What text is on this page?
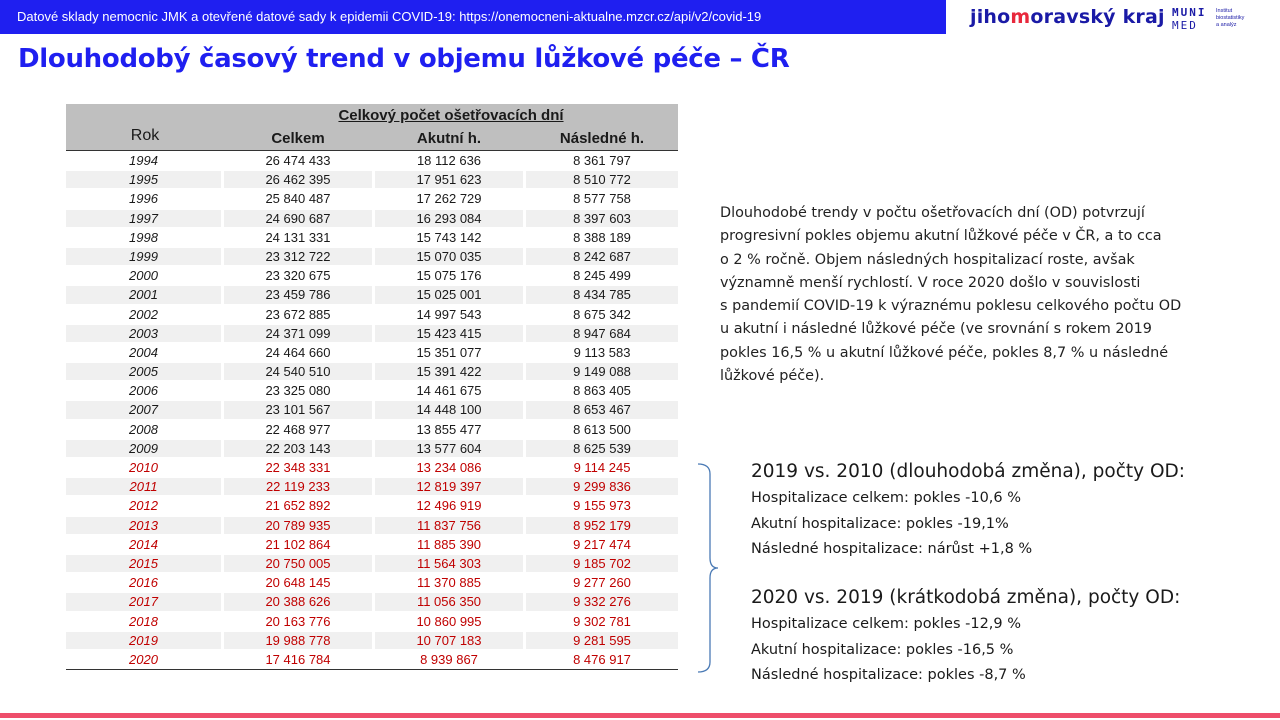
Datové sklady nemocnic JMK a otevřené datové sady k epidemii COVID-19: https://onemocneni-aktualne.mzcr.cz/api/v2/covid-19	jihomoravský kraj MUNI
MED
Institut
biostatistiky
a analýz
Dlouhodobý časový trend v objemu lůžkové péče – ČR
Celkový počet ošetřovacích dní
Rok	Celkem	Akutní h.	Následné h.
1994	26 474 433	18 112 636	8 361 797
1995	26 462 395	17 951 623	8 510 772
1996	25 840 487	17 262 729	8 577 758
1997	24 690 687	16 293 084	8 397 603
1998	24 131 331	15 743 142	8 388 189
1999	23 312 722	15 070 035	8 242 687
2000	23 320 675	15 075 176	8 245 499
2001	23 459 786	15 025 001	8 434 785
2002	23 672 885	14 997 543	8 675 342
2003	24 371 099	15 423 415	8 947 684
2004	24 464 660	15 351 077	9 113 583
2005	24 540 510	15 391 422	9 149 088
2006	23 325 080	14 461 675	8 863 405
2007	23 101 567	14 448 100	8 653 467
2008	22 468 977	13 855 477	8 613 500
2009	22 203 143	13 577 604	8 625 539
2010	22 348 331	13 234 086	9 114 245
2011	22 119 233	12 819 397	9 299 836
2012	21 652 892	12 496 919	9 155 973
2013	20 789 935	11 837 756	8 952 179
2014	21 102 864	11 885 390	9 217 474
2015	20 750 005	11 564 303	9 185 702
2016	20 648 145	11 370 885	9 277 260
2017	20 388 626	11 056 350	9 332 276
2018	20 163 776	10 860 995	9 302 781
2019	19 988 778	10 707 183	9 281 595
2020	17 416 784	8 939 867	8 476 917
Dlouhodobé trendy v počtu ošetřovacích dní (OD) potvrzují
progresivní pokles objemu akutní lůžkové péče v ČR, a to cca
o 2 % ročně. Objem následných hospitalizací roste, avšak
významně menší rychlostí. V roce 2020 došlo v souvislosti
s pandemií COVID-19 k výraznému poklesu celkového počtu OD
u akutní i následné lůžkové péče (ve srovnání s rokem 2019
pokles 16,5 % u akutní lůžkové péče, pokles 8,7 % u následné
lůžkové péče).
2019 vs. 2010 (dlouhodobá změna), počty OD:
Hospitalizace celkem: pokles -10,6 %
Akutní hospitalizace: pokles -19,1%
Následné hospitalizace: nárůst +1,8 %
2020 vs. 2019 (krátkodobá změna), počty OD:
Hospitalizace celkem: pokles -12,9 %
Akutní hospitalizace: pokles -16,5 %
Následné hospitalizace: pokles -8,7 %
